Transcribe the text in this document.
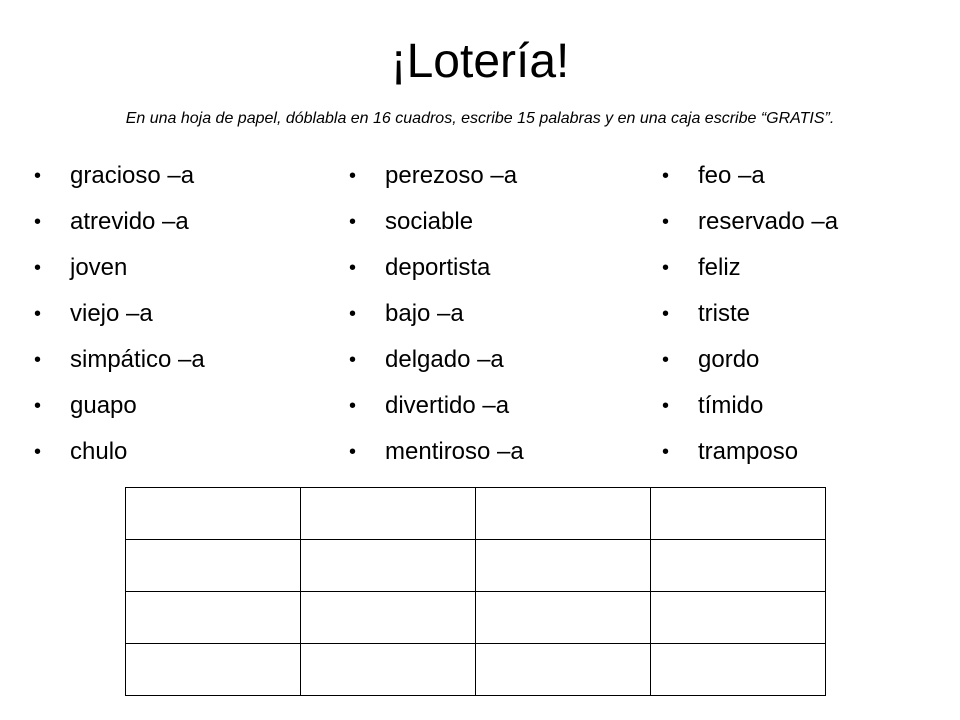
¡Lotería!

En una hoja de papel, dóblabla en 16 cuadros, escribe 15 palabras y en una caja escribe “GRATIS”.

• gracioso –a
• atrevido –a
• joven
• viejo –a
• simpático –a
• guapo
• chulo
• perezoso –a
• sociable
• deportista
• bajo –a
• delgado –a
• divertido –a
• mentiroso –a
• feo –a
• reservado –a
• feliz
• triste
• gordo
• tímido
• tramposo
